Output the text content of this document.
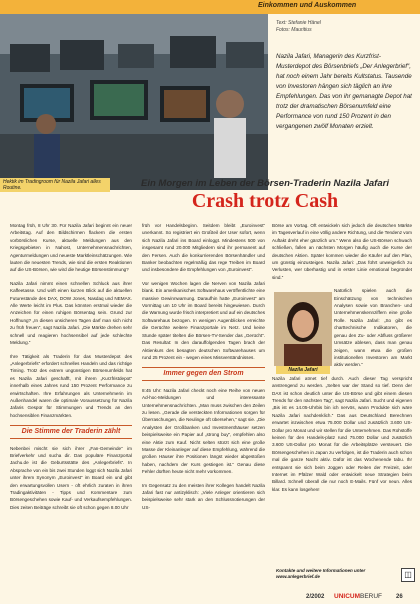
Einkommen und Auskommen
Hektik im Tradingroom für Nazila Jafari alles Routine.
Text: Stefanie Hänel
Fotos: Mauritius

Nazila Jafari, Managerin des Kurzfrist-Musterdepot des Börsenbriefs „Der Anlegerbrief“, hat noch einem Jahr bereits Kultstatus. Tausende von Investoren hängen sich täglich an ihre Empfehlungen. Das von ihr gemanagte Depot hat trotz der dramatischen Börsenumfeld eine Performance von rund 150 Prozent in den vergangenen zwölf Monaten erzielt.

Ein Morgen im Leben der Börsen-Traderin Nazila Jafari
Crash trotz Cash

Montag früh, 8 Uhr 30. Für Nazila Jafari beginnt ein neuer Arbeitstag. Auf den Bildschirmen flackern die ersten vorbörslichen Kurse, aktuelle Meldungen aus den Kriegsgebieten in Nahost, Unternehmensnachrichten, Agenturmeldungen und neueste Marktleinschätzungen. Wie lauten die neuesten Trends, wie sind die ersten Reaktionen auf die US-Börsen, wie wird die heutige Börsenstimmung?

Nazila Jafari nimmt einen schnellen Schluck aus ihrer Kaffeetasse. Und wirft einen kurzen Blick auf die aktuellen Futurestände des DAX, DOW Jones, Nasdaq und NEMAX. Alle Werte leicht im Plus. Das könnten erstmal wieder die Anzeichen für einen ruhigen Börsentag sein. Grund zur Hoffnung? „In diesen unsicheren Tagen darf man sich nicht zu früh freuen“, sagt Nazila Jafari. „Die Märkte drehen sehr schnell und reagieren hochsensibel auf jede schlechte Meldung.“

Ihre Tätigkeit als Traderin für das Musterdepot des „Anlegerbriefs“ erfordert schnelles Handeln und das richtige Timing. Trotz des extrem ungünstigen Börsenumfelds hat es Nazila Jafari geschafft, mit ihrem „Kurzfristdepot“ innerhalb eines Jahres rund 150 Prozent Performance zu erwirtschaften. Ihre Erfahrungen als Unternehmerin im Außenhandel waren die optimale Voraussetzung für Nazila Jafaris Gespür für Stimmungen und Trends an den hochsensiblen Finanzmärkten.

Die Stimme der Traderin zählt

Nebenbei mischt sie sich ihrer „Fan-Gemeinde“ im Briefverkehr und sucha dir. Das populäre Finanzportal Jachu.de ist die Geburtsstätte des „Anlegerbriefs“. In Absprache von ein bis zwei Stunden loggt sich Nazila Jafari unter ihrem Synonym „Euroinvest“ im Board ein und gibt den erwartungsvollen Usern - oft ehrlich zuraten in ihren Tradingaktivitäten - Tipps und Kommentare zum Börsengeschehen sowie Kauf- und Verkaufsempfehlungen. Dies zeiten Beiträge schreibt sie oft schon gegen 8.00 Uhr

früh vor Handelsbeginn. Seitdem bleibt „Euroinvest“ unerkannt. So registriert ein Großteil der User sofort, wenn sich Nazila Jafari ins Board einloggt. Mindestens 500 von insgesamt rund 20.000 Mitgliedern sind ihr permanent auf den Fersen. Auch die konkurrierenden Börsenhändler und Banker beobachten regelmäßig das rege Treiben im Board und insbesondere die Empfehlungen von „Euroinvest“.

Vor wenigen Wochen lagen die Nerven von Nazila Jafari blank. Ein amerikanisches Softwarehaus veröffentlichte eine massive Gewinnwarnung. Daraufhin hatte „Euroinvest“ am Vormittag um 10 Uhr im Board bereits hingewiesen. Durch die Warnung wurde frisch interpretiert und auf ein deutsches Softwarehaus bezogen. In wenigen Augenblicken erreichte die Gerüchte weitere Finanzportale im Netz. Und keine Stunde später titelten die Börsen-TV-Sender das „Gerücht“. Das Resultat: In den darauffolgenden Tagen brach der Aktienkurs des besagten deutschen Softwarehauses um rund 25 Prozent ein - wegen eines Missverständnisses.

Immer gegen den Strom

8:45 Uhr: Nazila Jafari checkt noch eine Reihe von neuen Ad-hoc-Meldungen und interessante Unternehmensnachrichten. „Man muss zwischen den Zeilen zu lesen. „Gerade die versteckten Informationen sorgen für Überraschungen, die Neulinge oft übersehen,“ sagt sie. „Die Analysten der Großbanken und Investmenthäuser setzen beispielsweise ein Papier auf „strong buy“, empfehlen also eine Aktie zum Kauf. Nicht selten stürzt sich eine große Masse der Kleinanleger auf diese Empfehlung, während die großen Häuser ihre Positionen längst wieder abgestoßen haben, nachdem der Kurs gestiegen ist.“ Genau diese Fehler dürften heute nicht mehr vorkommen.

Im Gegensatz zu den meisten ihrer Kollegen handelt Nazila Jafari fast nur antizyklisch: „Viele Anleger orientieren sich beispielsweise sehr stark an den Schlussnotierungen der US-

Börse am Vortag. Oft entwickeln sich jedoch die deutschen Märkte im Tagesverlauf in eine völlig andere Richtung, und die Tendenz vom Auftakt dreht eher gänzlich um.“ Wenn also die US-Börsen schwach schließen, fallen an nächsten Morgen häufig auch die Kurse der deutschen Aktien. Später kommen wieder die Käufer auf den Plan, um günstig einzusteigen. Nazila Jafari: „Das führt unweigerlich zu Verlusten, wer überhastig und in erster Linie emotional begründet sind.“

Natürlich spielen auch die Einschätzung von technischen Analysen sowie von Branchen- und Unternehmenskennziffern eine große Rolle. Nazila Jafari: „So gibt es charttechnische Indikatoren, die genau den Zu- oder Abfluss größerer Umsätze ablesen, dass man genau zeigen, wann etwa die großen institutionellen Investoren am Markt aktiv werden.“

Nazila Jafari atmet tief durch. Auch dieser Tag verspricht anstrengend zu werden. „Selten war der Stand so tief. Denn der DAX ist schon deutlich unter die US-Börse und gibt einem diesen Trends für den nächsten Tag“, sagt Nazila Jafari. Sucht und eigenen „Bis ist es 14.05-Uhrbis bin ich nervös, wann Produkte sich wäre Nazila Jafari nachdenklich.“ Das aus Deutschland Berechnen erwartet inzwischen etwa 75.000 Dollar und zusätzlich 3.600 US-Dollar pro Monat und wir stellen für die Unternehmen. Das Rohstoffe keinen für den Handels-platz rund 75.000 Dollar und zusätzlich 3.600 US-Dollar pro Monat für die Arbeitsplätze versteuert. Die Börsengeschehen in Japan zu verfolgen, ist die Traderin auch schon mal die ganze Nacht aktiv. Dafür ist das Wochenende tabu. Ihr entspannt sie sich beim Joggen oder Reiten der Freizeit, oder Internet im Pfälzer Wald oder entwickelt neue Strategien beim Billard. Schnell überall die nur noch E-Mails. Fünf vor neun. Alles klar. Es kann losgehen!

Nazila Jafari
Kontakte und weitere Informationen unter www.anlegerbrief.de	◫
2/2002 UNICUMBERUF 26
